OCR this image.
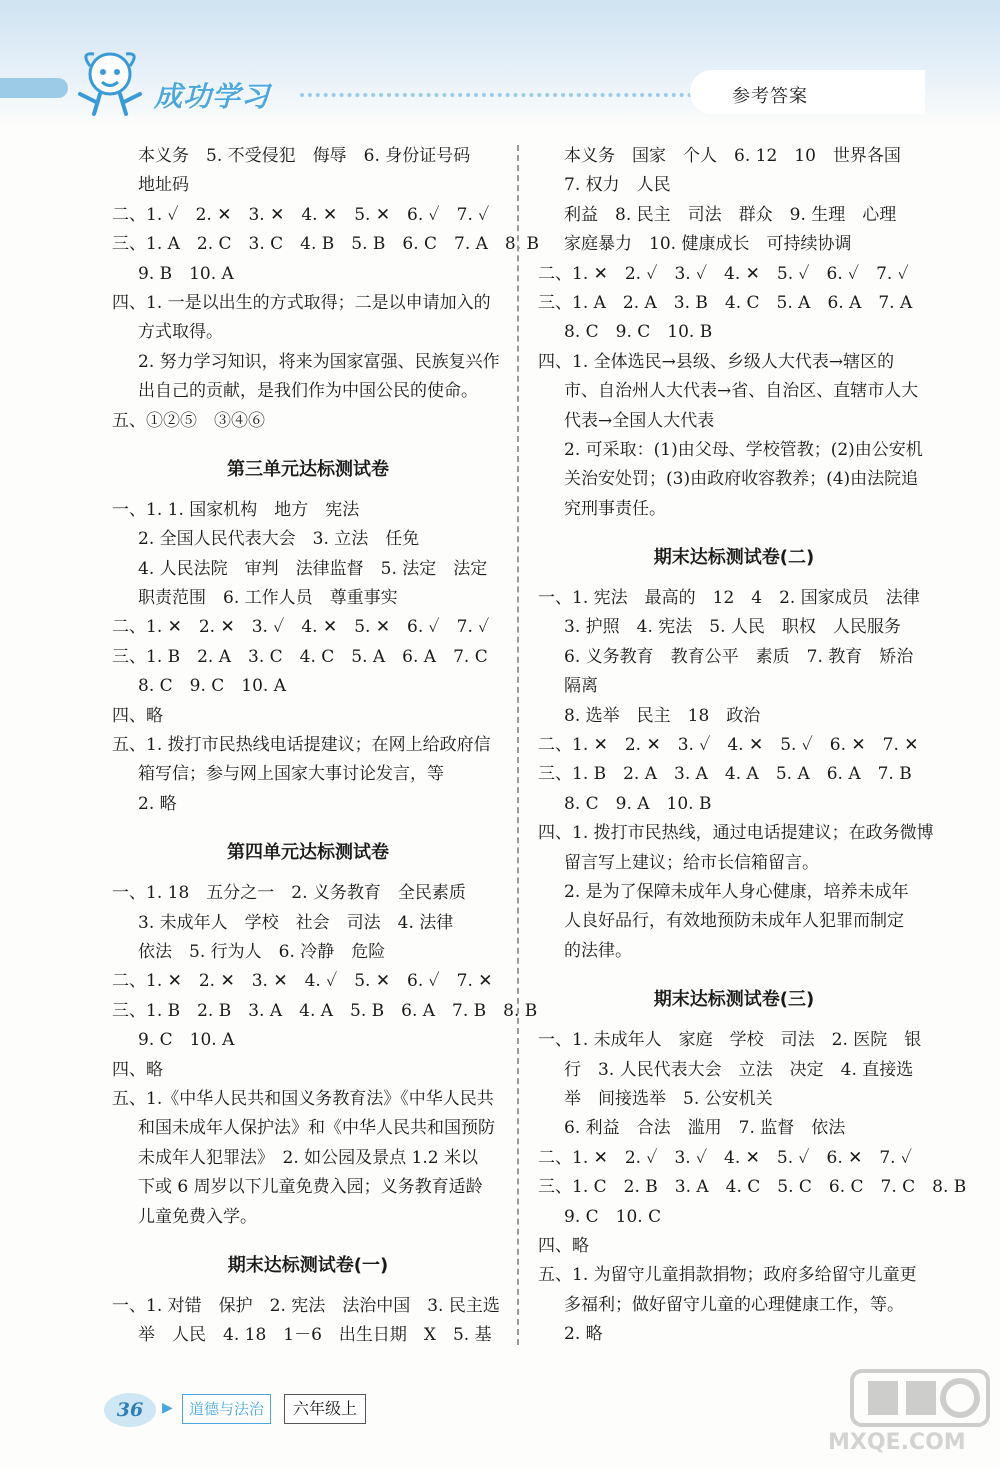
成功学习	参考答案
本义务　5. 不受侵犯　侮辱　6. 身份证号码
地址码
二、1. ✓　2. ✕　3. ✕　4. ✕　5. ✕　6. ✓　7. ✓
三、1. A　2. C　3. C　4. B　5. B　6. C　7. A　8. B
9. B　10. A
四、1. 一是以出生的方式取得；二是以申请加入的
方式取得。
2. 努力学习知识，将来为国家富强、民族复兴作
出自己的贡献，是我们作为中国公民的使命。
五、①②⑤　③④⑥
第三单元达标测试卷
一、1. 1. 国家机构　地方　宪法
2. 全国人民代表大会　3. 立法　任免
4. 人民法院　审判　法律监督　5. 法定　法定
职责范围　6. 工作人员　尊重事实
二、1. ✕　2. ✕　3. ✓　4. ✕　5. ✕　6. ✓　7. ✓
三、1. B　2. A　3. C　4. C　5. A　6. A　7. C
8. C　9. C　10. A
四、略
五、1. 拨打市民热线电话提建议；在网上给政府信
箱写信；参与网上国家大事讨论发言，等
2. 略
第四单元达标测试卷
一、1. 18　五分之一　2. 义务教育　全民素质
3. 未成年人　学校　社会　司法　4. 法律
依法　5. 行为人　6. 冷静　危险
二、1. ✕　2. ✕　3. ✕　4. ✓　5. ✕　6. ✓　7. ✕
三、1. B　2. B　3. A　4. A　5. B　6. A　7. B　8. B
9. C　10. A
四、略
五、1.《中华人民共和国义务教育法》《中华人民共
和国未成年人保护法》和《中华人民共和国预防
未成年人犯罪法》　2. 如公园及景点 1.2 米以
下或 6 周岁以下儿童免费入园；义务教育适龄
儿童免费入学。
期末达标测试卷(一)
一、1. 对错　保护　2. 宪法　法治中国　3. 民主选
举　人民　4. 18　1－6　出生日期　X　5. 基
本义务　国家　个人　6. 12　10　世界各国
7. 权力　人民
利益　8. 民主　司法　群众　9. 生理　心理
家庭暴力　10. 健康成长　可持续协调
二、1. ✕　2. ✓　3. ✓　4. ✕　5. ✓　6. ✓　7. ✓
三、1. A　2. A　3. B　4. C　5. A　6. A　7. A
8. C　9. C　10. B
四、1. 全体选民→县级、乡级人大代表→辖区的
市、自治州人大代表→省、自治区、直辖市人大
代表→全国人大代表
2. 可采取：(1)由父母、学校管教；(2)由公安机
关治安处罚；(3)由政府收容教养；(4)由法院追
究刑事责任。
期末达标测试卷(二)
一、1. 宪法　最高的　12　4　2. 国家成员　法律
3. 护照　4. 宪法　5. 人民　职权　人民服务
6. 义务教育　教育公平　素质　7. 教育　矫治
隔离
8. 选举　民主　18　政治
二、1. ✕　2. ✕　3. ✓　4. ✕　5. ✓　6. ✕　7. ✕
三、1. B　2. A　3. A　4. A　5. A　6. A　7. B
8. C　9. A　10. B
四、1. 拨打市民热线，通过电话提建议；在政务微博
留言写上建议；给市长信箱留言。
2. 是为了保障未成年人身心健康，培养未成年
人良好品行，有效地预防未成年人犯罪而制定
的法律。
期末达标测试卷(三)
一、1. 未成年人　家庭　学校　司法　2. 医院　银
行　3. 人民代表大会　立法　决定　4. 直接选
举　间接选举　5. 公安机关
6. 利益　合法　滥用　7. 监督　依法
二、1. ✕　2. ✓　3. ✓　4. ✕　5. ✓　6. ✕　7. ✓
三、1. C　2. B　3. A　4. C　5. C　6. C　7. C　8. B
9. C　10. C
四、略
五、1. 为留守儿童捐款捐物；政府多给留守儿童更
多福利；做好留守儿童的心理健康工作，等。
2. 略
36	▶	道德与法治	六年级上
MXQE.COM
